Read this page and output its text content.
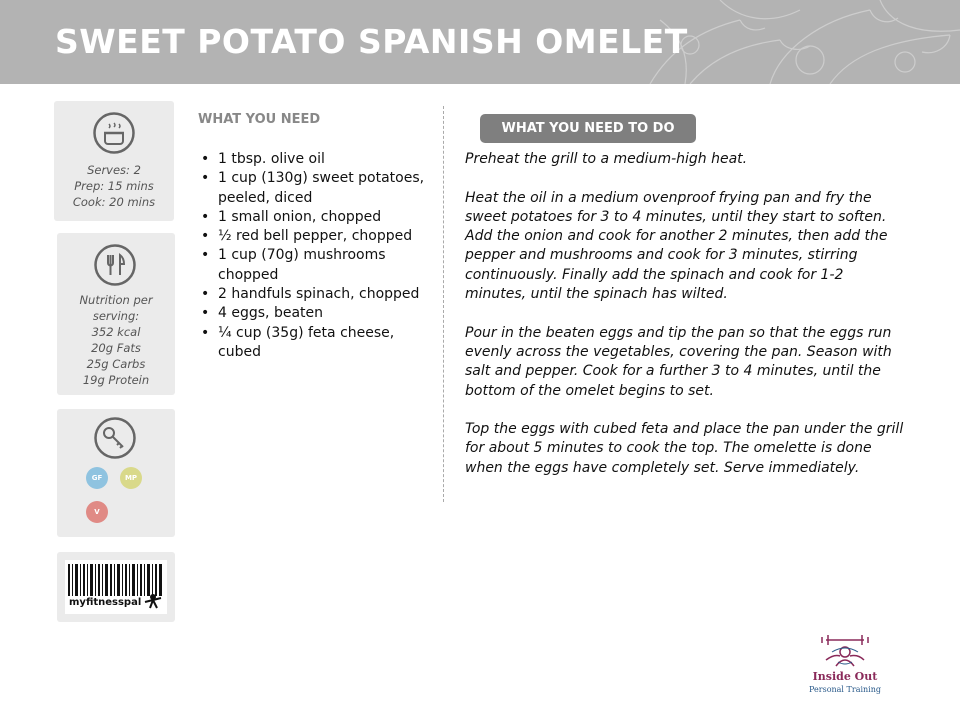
SWEET POTATO SPANISH OMELET
Serves: 2
Prep: 15 mins
Cook: 20 mins
Nutrition per
serving:
352 kcal
20g Fats
25g Carbs
19g Protein
GF	MP
V
myfitnesspal
WHAT YOU NEED
• 1 tbsp. olive oil
• 1 cup (130g) sweet potatoes, peeled, diced
• 1 small onion, chopped
• ½ red bell pepper, chopped
• 1 cup (70g) mushrooms chopped
• 2 handfuls spinach, chopped
• 4 eggs, beaten
• ¼ cup (35g) feta cheese, cubed
WHAT YOU NEED TO DO

Preheat the grill to a medium-high heat.

Heat the oil in a medium ovenproof frying pan and fry the sweet potatoes for 3 to 4 minutes, until they start to soften. Add the onion and cook for another 2 minutes, then add the pepper and mushrooms and cook for 3 minutes, stirring continuously. Finally add the spinach and cook for 1-2 minutes, until the spinach has wilted.

Pour in the beaten eggs and tip the pan so that the eggs run evenly across the vegetables, covering the pan. Season with salt and pepper. Cook for a further 3 to 4 minutes, until the bottom of the omelet begins to set.

Top the eggs with cubed feta and place the pan under the grill for about 5 minutes to cook the top. The omelette is done when the eggs have completely set. Serve immediately.

Inside Out
Personal Training
